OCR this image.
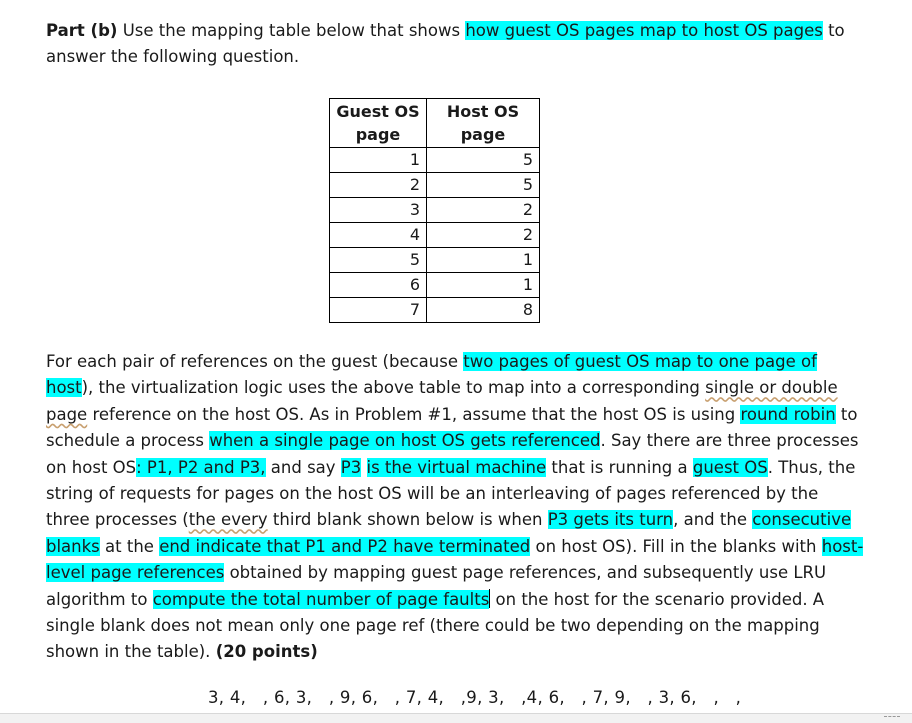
Part (b) Use the mapping table below that shows how guest OS pages map to host OS pages to answer the following question.
Guest OS page	Host OS page
1	5
2	5
3	2
4	2
5	1
6	1
7	8
For each pair of references on the guest (because two pages of guest OS map to one page of host), the virtualization logic uses the above table to map into a corresponding single or double page reference on the host OS. As in Problem #1, assume that the host OS is using round robin to schedule a process when a single page on host OS gets referenced. Say there are three processes on host OS: P1, P2 and P3, and say P3 is the virtual machine that is running a guest OS. Thus, the string of requests for pages on the host OS will be an interleaving of pages referenced by the three processes (the every third blank shown below is when P3 gets its turn, and the consecutive blanks at the end indicate that P1 and P2 have terminated on host OS). Fill in the blanks with host-level page references obtained by mapping guest page references, and subsequently use LRU algorithm to compute the total number of page faults on the host for the scenario provided. A single blank does not mean only one page ref (there could be two depending on the mapping shown in the table). (20 points)
3, 4,   , 6, 3,   , 9, 6,   , 7, 4,   ,9, 3,   ,4, 6,   , 7, 9,   , 3, 6,   ,   ,
